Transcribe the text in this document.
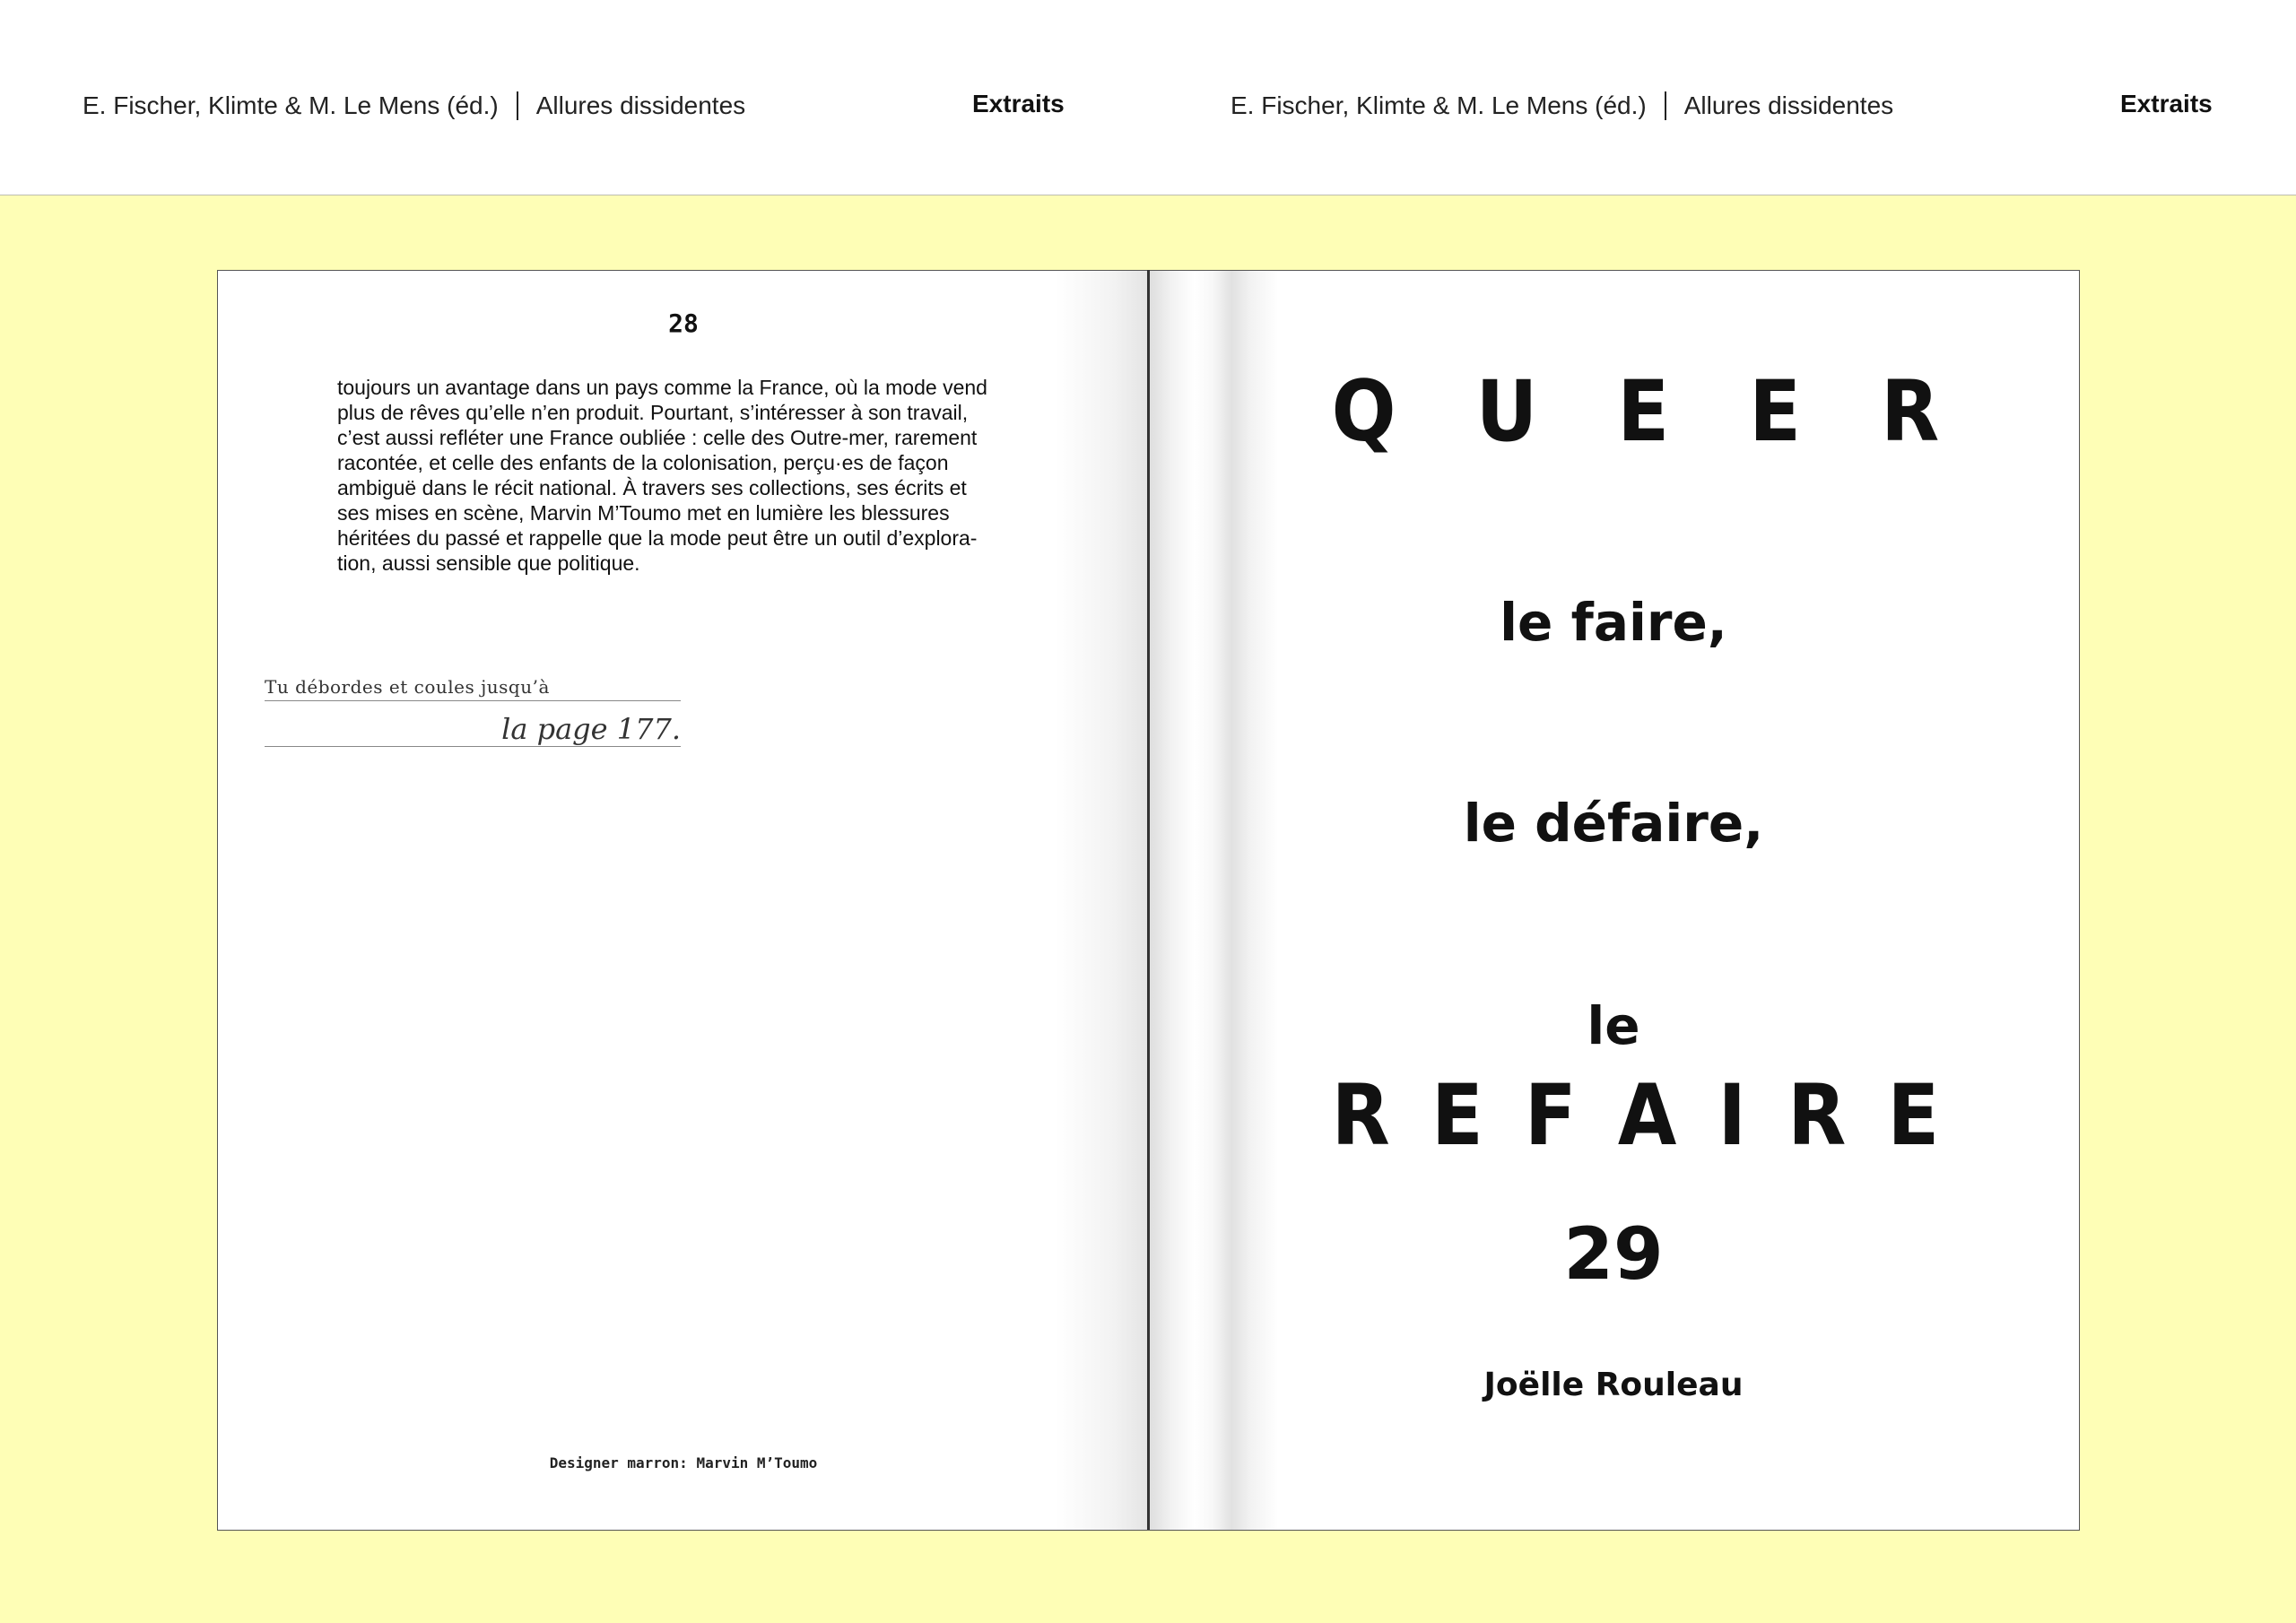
E. Fischer, Klimte & M. Le Mens (éd.) Allures dissidentes	Extraits	E. Fischer, Klimte & M. Le Mens (éd.) Allures dissidentes	Extraits
28

toujours un avantage dans un pays comme la France, où la mode vend

plus de rêves qu’elle n’en produit. Pourtant, s’intéresser à son travail,

c’est aussi refléter une France oubliée : celle des Outre-mer, rarement

racontée, et celle des enfants de la colonisation, perçu·es de façon

ambiguë dans le récit national. À travers ses collections, ses écrits et

ses mises en scène, Marvin M’Toumo met en lumière les blessures

héritées du passé et rappelle que la mode peut être un outil d’explora-

tion, aussi sensible que politique.

Tu débordes et coules jusqu’à
la page 177.
Designer marron: Marvin M’Toumo
Q U E E R
le faire,
le défaire,
le
R E F A I R E
29
Joëlle Rouleau
